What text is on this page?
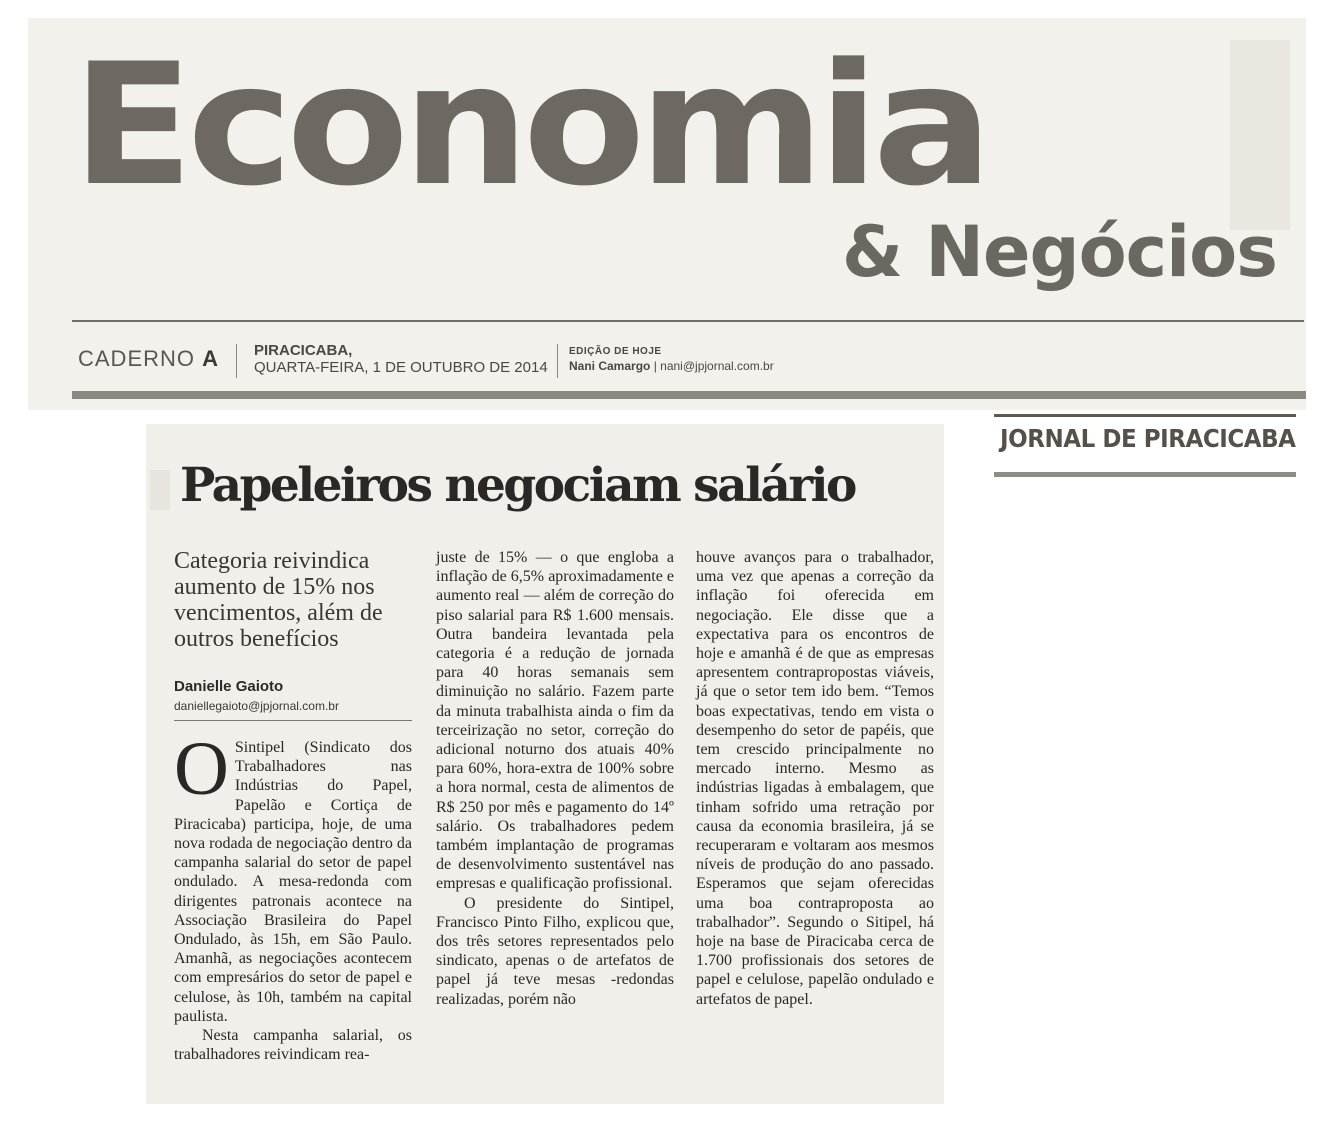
Economia
& Negócios
CADERNO A PIRACICABA,
QUARTA-FEIRA, 1 DE OUTUBRO DE 2014
EDIÇÃO DE HOJE
Nani Camargo | nani@jpjornal.com.br
JORNAL DE PIRACICABA
Papeleiros negociam salário
Categoria reivindica aumento de 15% nos vencimentos, além de outros benefícios
Danielle Gaioto
daniellegaioto@jpjornal.com.br

O Sintipel (Sindicato dos Trabalhadores nas Indústrias do Papel, Papelão e Cortiça de Piracicaba) participa, hoje, de uma nova rodada de negociação dentro da campanha salarial do setor de papel ondulado. A mesa-redonda com dirigentes patronais acontece na Associação Brasileira do Papel Ondulado, às 15h, em São Paulo. Amanhã, as negociações acontecem com empresários do setor de papel e celulose, às 10h, também na capital paulista.

Nesta campanha salarial, os trabalhadores reivindicam rea-

juste de 15% — o que engloba a inflação de 6,5% aproximadamente e aumento real — além de correção do piso salarial para R$ 1.600 mensais. Outra bandeira levantada pela categoria é a redução de jornada para 40 horas semanais sem diminuição no salário. Fazem parte da minuta trabalhista ainda o fim da terceirização no setor, correção do adicional noturno dos atuais 40% para 60%, hora-extra de 100% sobre a hora normal, cesta de alimentos de R$ 250 por mês e pagamento do 14º salário. Os trabalhadores pedem também implantação de programas de desenvolvimento sustentável nas empresas e qualificação profissional.

O presidente do Sintipel, Francisco Pinto Filho, explicou que, dos três setores representados pelo sindicato, apenas o de artefatos de papel já teve mesas -redondas realizadas, porém não

houve avanços para o trabalhador, uma vez que apenas a correção da inflação foi oferecida em negociação. Ele disse que a expectativa para os encontros de hoje e amanhã é de que as empresas apresentem contrapropostas viáveis, já que o setor tem ido bem. “Temos boas expectativas, tendo em vista o desempenho do setor de papéis, que tem crescido principalmente no mercado interno. Mesmo as indústrias ligadas à embalagem, que tinham sofrido uma retração por causa da economia brasileira, já se recuperaram e voltaram aos mesmos níveis de produção do ano passado. Esperamos que sejam oferecidas uma boa contraproposta ao trabalhador”. Segundo o Sitipel, há hoje na base de Piracicaba cerca de 1.700 profissionais dos setores de papel e celulose, papelão ondulado e artefatos de papel.
